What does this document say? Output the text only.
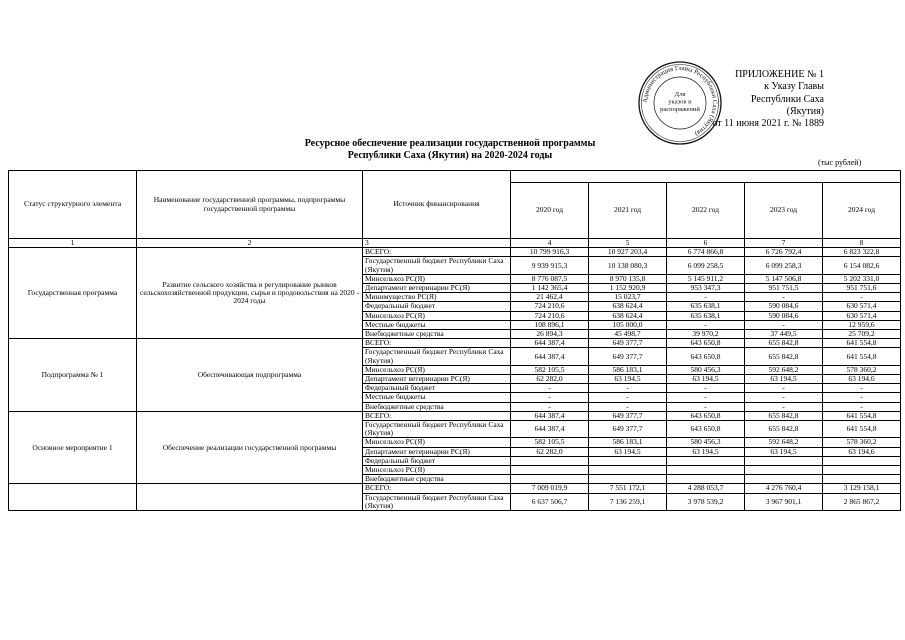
Администрация Главы Республики Саха (Якутия)
Для
указов и
распоряжений
ПРИЛОЖЕНИЕ № 1
к Указу Главы
Республики Саха (Якутия)
от 11 июня 2021 г. № 1889
Ресурсное обеспечение реализации государственной программы
Республики Саха (Якутия) на 2020-2024 годы
(тыс рублей)
Статус структурного элемента	Наименование государственной программы, подпрограммы государственной программы	Источник финансирования					
			2020 год	2021 год	2022 год	2023 год	2024 год
1	2	3	4	5	6	7	8
Государственная программа	Развитие сельского хозяйства и регулирование рынков сельскохозяйственной продукции, сырья и продовольствия на 2020 - 2024 годы	ВСЕГО:	10 799 916,3	10 927 203,4	6 774 866,8	6 726 792,4	6 823 322,8
		Государственный бюджет Республики Саха (Якутия)	9 939 915,3	10 138 080,3	6 099 258,5	6 099 258,3	6 154 082,6
		Минсельхоз РС(Я)	8 776 087,5	8 970 135,8	5 145 911,2	5 147 506,8	5 202 331,0
		Департамент ветеринарии РС(Я)	1 142 365,4	1 152 920,9	953 347,3	951 751,5	951 751,6
		Минимущество РС(Я)	21 462,4	15 023,7	-	-	-
		Федеральный бюджет	724 210,6	638 624,4	635 638,1	590 084,6	630 571,4
		Минсельхоз РС(Я)	724 210,6	638 624,4	635 638,1	590 084,6	630 571,4
		Местные бюджеты	108 896,1	105 000,0	-	-	12 959,6
		Внебюджетные средства	26 894,3	45 498,7	39 970,2	37 449,5	25 709,2
Подпрограмма № 1	Обеспечивающая подпрограмма	ВСЕГО:	644 387,4	649 377,7	643 650,8	655 842,8	641 554,8
		Государственный бюджет Республики Саха (Якутия)	644 387,4	649 377,7	643 650,8	655 842,8	641 554,8
		Минсельхоз РС(Я)	582 105,5	586 183,1	580 456,3	592 648,2	578 360,2
		Департамент ветеринарии РС(Я)	62 282,0	63 194,5	63 194,5	63 194,5	63 194,6
		Федеральный бюджет	-	-	-	-	-
		Местные бюджеты	-	-	-	-	-
		Внебюджетные средства	-	-	-	-	-
Основное мероприятие 1	Обеспечение реализации государственной программы	ВСЕГО:	644 387,4	649 377,7	643 650,8	655 842,8	641 554,8
		Государственный бюджет Республики Саха (Якутия)	644 387,4	649 377,7	643 650,8	655 842,8	641 554,8
		Минсельхоз РС(Я)	582 105,5	586 183,1	580 456,3	592 648,2	578 360,2
		Департамент ветеринарии РС(Я)	62 282,0	63 194,5	63 194,5	63 194,5	63 194,6
		Федеральный бюджет					
		Минсельхоз РС(Я)					
		Внебюджетные средства					
		ВСЕГО:	7 009 019,9	7 551 172,1	4 288 053,7	4 276 760,4	3 129 158,1
		Государственный бюджет Республики Саха (Якутия)	6 637 506,7	7 136 259,1	3 978 539,2	3 967 901,1	2 865 867,2
